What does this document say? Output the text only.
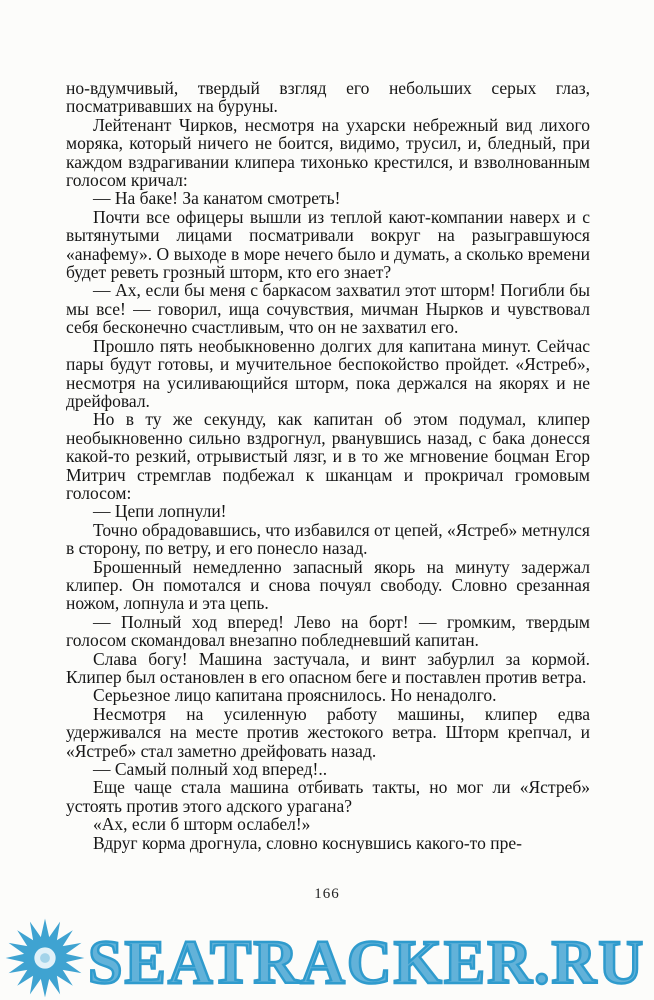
но-вдумчивый, твердый взгляд его небольших серых глаз, посматривавших на буруны.

Лейтенант Чирков, несмотря на ухарски небрежный вид лихого моряка, который ничего не боится, видимо, трусил, и, бледный, при каждом вздрагивании клипера тихонько крестился, и взволнованным голосом кричал:

— На баке! За канатом смотреть!

Почти все офицеры вышли из теплой кают-компании наверх и с вытянутыми лицами посматривали вокруг на разыгравшуюся «анафему». О выходе в море нечего было и думать, а сколько времени будет реветь грозный шторм, кто его знает?

— Ах, если бы меня с баркасом захватил этот шторм! Погибли бы мы все! — говорил, ища сочувствия, мичман Нырков и чувствовал себя бесконечно счастливым, что он не захватил его.

Прошло пять необыкновенно долгих для капитана минут. Сейчас пары будут готовы, и мучительное беспокойство пройдет. «Ястреб», несмотря на усиливающийся шторм, пока держался на якорях и не дрейфовал.

Но в ту же секунду, как капитан об этом подумал, клипер необыкновенно сильно вздрогнул, рванувшись назад, с бака донесся какой-то резкий, отрывистый лязг, и в то же мгновение боцман Егор Митрич стремглав подбежал к шканцам и прокричал громовым голосом:

— Цепи лопнули!

Точно обрадовавшись, что избавился от цепей, «Ястреб» метнулся в сторону, по ветру, и его понесло назад.

Брошенный немедленно запасный якорь на минуту задержал клипер. Он помотался и снова почуял свободу. Словно срезанная ножом, лопнула и эта цепь.

— Полный ход вперед! Лево на борт! — громким, твердым голосом скомандовал внезапно побледневший капитан.

Слава богу! Машина застучала, и винт забурлил за кормой. Клипер был остановлен в его опасном беге и поставлен против ветра.

Серьезное лицо капитана прояснилось. Но ненадолго.

Несмотря на усиленную работу машины, клипер едва удерживался на месте против жестокого ветра. Шторм крепчал, и «Ястреб» стал заметно дрейфовать назад.

— Самый полный ход вперед!..

Еще чаще стала машина отбивать такты, но мог ли «Ястреб» устоять против этого адского урагана?

«Ах, если б шторм ослабел!»

Вдруг корма дрогнула, словно коснувшись какого-то пре-

166
SEATRACKER.RU
